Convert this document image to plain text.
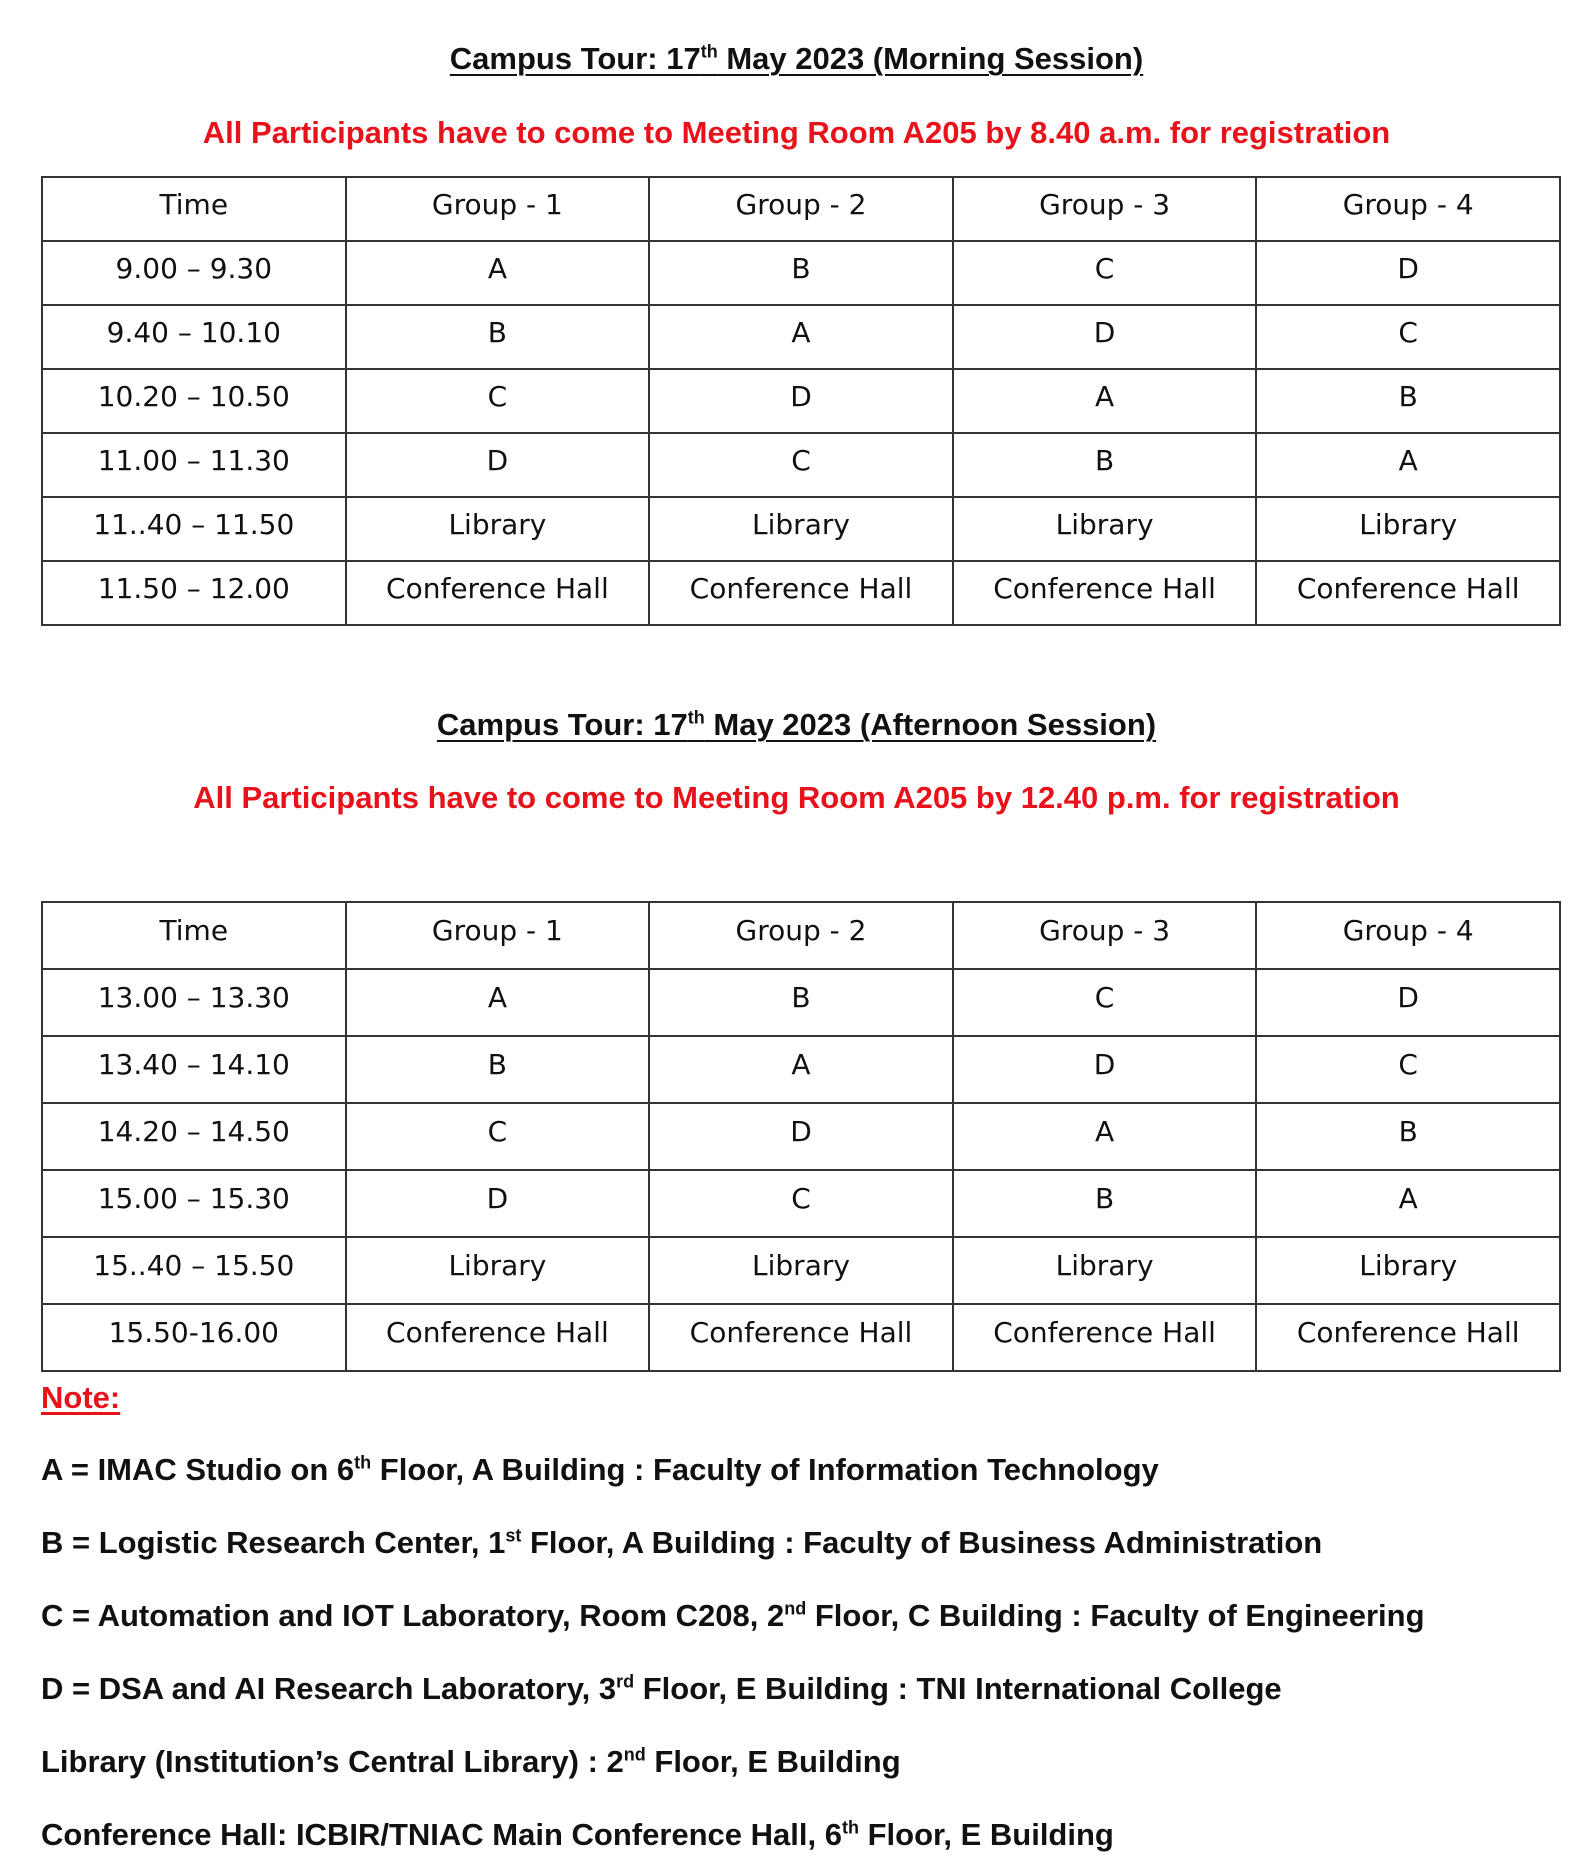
Campus Tour: 17th May 2023 (Morning Session)
All Participants have to come to Meeting Room A205 by 8.40 a.m. for registration
Time	Group - 1	Group - 2	Group - 3	Group - 4
9.00 – 9.30	A	B	C	D
9.40 – 10.10	B	A	D	C
10.20 – 10.50	C	D	A	B
11.00 – 11.30	D	C	B	A
11..40 – 11.50	Library	Library	Library	Library
11.50 – 12.00	Conference Hall	Conference Hall	Conference Hall	Conference Hall
Campus Tour: 17th May 2023 (Afternoon Session)
All Participants have to come to Meeting Room A205 by 12.40 p.m. for registration
Time	Group - 1	Group - 2	Group - 3	Group - 4
13.00 – 13.30	A	B	C	D
13.40 – 14.10	B	A	D	C
14.20 – 14.50	C	D	A	B
15.00 – 15.30	D	C	B	A
15..40 – 15.50	Library	Library	Library	Library
15.50-16.00	Conference Hall	Conference Hall	Conference Hall	Conference Hall
Note:
A = IMAC Studio on 6th Floor, A Building : Faculty of Information Technology
B = Logistic Research Center, 1st Floor, A Building : Faculty of Business Administration
C = Automation and IOT Laboratory, Room C208, 2nd Floor, C Building : Faculty of Engineering
D = DSA and AI Research Laboratory, 3rd Floor, E Building : TNI International College
Library (Institution’s Central Library) : 2nd Floor, E Building
Conference Hall: ICBIR/TNIAC Main Conference Hall, 6th Floor, E Building
